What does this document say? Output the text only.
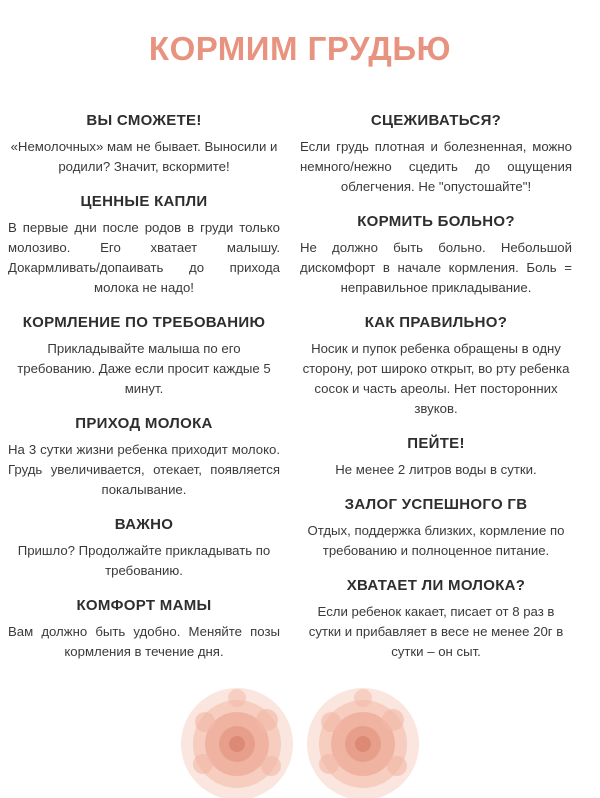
КОРМИМ ГРУДЬЮ
ВЫ СМОЖЕТЕ!
«Немолочных» мам не бывает. Выносили и родили? Значит, вскормите!
ЦЕННЫЕ КАПЛИ
В первые дни после родов в груди только молозиво. Его хватает малышу. Докармливать/допаивать до прихода молока не надо!
КОРМЛЕНИЕ ПО ТРЕБОВАНИЮ
Прикладывайте малыша по его требованию. Даже если просит каждые 5 минут.
ПРИХОД МОЛОКА
На 3 сутки жизни ребенка приходит молоко. Грудь увеличивается, отекает, появляется покалывание.
ВАЖНО
Пришло? Продолжайте прикладывать по требованию.
КОМФОРТ МАМЫ
Вам должно быть удобно. Меняйте позы кормления в течение дня.
СЦЕЖИВАТЬСЯ?
Если грудь плотная и болезненная, можно немного/нежно сцедить до ощущения облегчения. Не "опустошайте"!
КОРМИТЬ БОЛЬНО?
Не должно быть больно. Небольшой дискомфорт в начале кормления. Боль = неправильное прикладывание.
КАК ПРАВИЛЬНО?
Носик и пупок ребенка обращены в одну сторону, рот широко открыт, во рту ребенка сосок и часть ареолы. Нет посторонних звуков.
ПЕЙТЕ!
Не менее 2 литров воды в сутки.
ЗАЛОГ УСПЕШНОГО ГВ
Отдых, поддержка близких, кормление по требованию и полноценное питание.
ХВАТАЕТ ЛИ МОЛОКА?
Если ребенок какает, писает от 8 раз в сутки и прибавляет в весе не менее 20г в сутки – он сыт.
